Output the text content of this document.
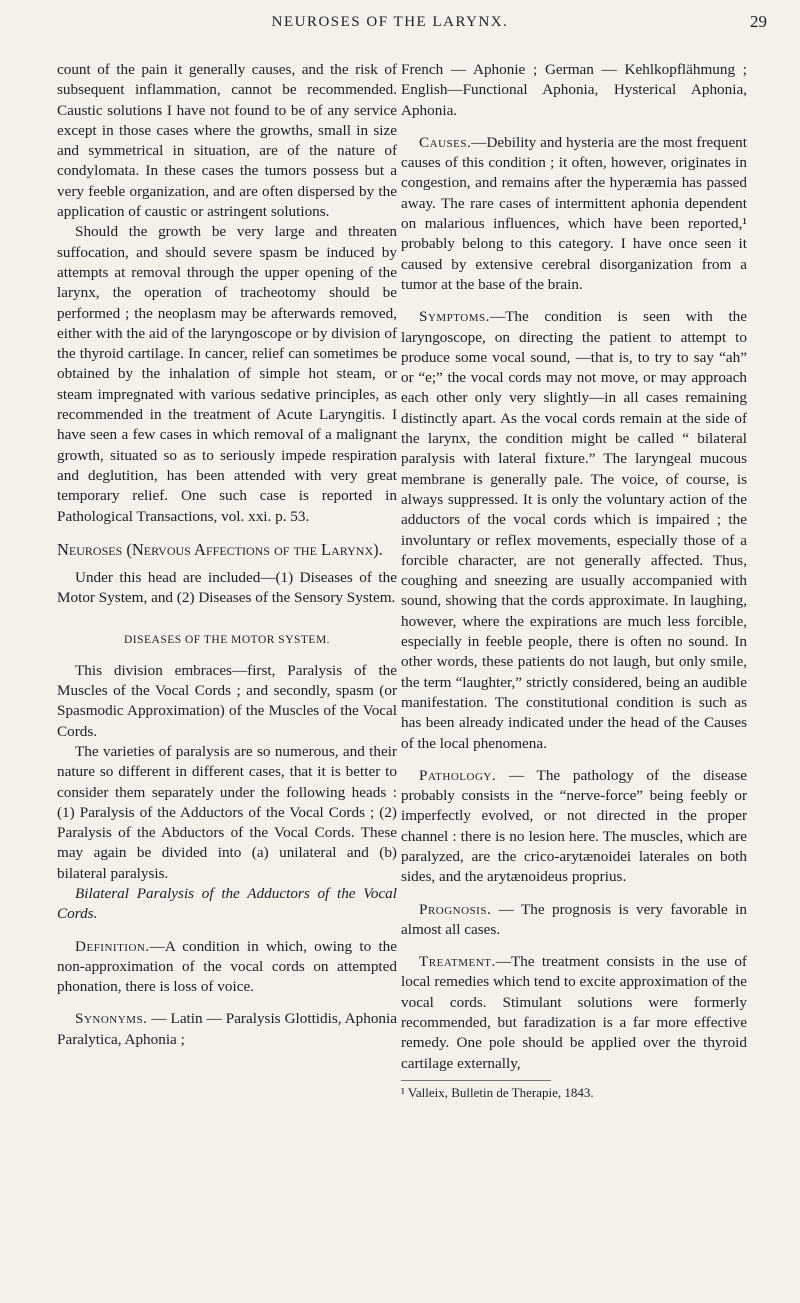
NEUROSES OF THE LARYNX.	29

count of the pain it generally causes, and the risk of subsequent inflammation, cannot be recommended. Caustic solutions I have not found to be of any service except in those cases where the growths, small in size and symmetrical in situation, are of the nature of condylomata. In these cases the tumors possess but a very feeble organization, and are often dispersed by the application of caustic or astringent solutions.

Should the growth be very large and threaten suffocation, and should severe spasm be induced by attempts at removal through the upper opening of the larynx, the operation of tracheotomy should be performed ; the neoplasm may be afterwards removed, either with the aid of the laryngoscope or by division of the thyroid cartilage. In cancer, relief can sometimes be obtained by the inhalation of simple hot steam, or steam impregnated with various sedative principles, as recommended in the treatment of Acute Laryngitis. I have seen a few cases in which removal of a malignant growth, situated so as to seriously impede respiration and deglutition, has been attended with very great temporary relief. One such case is reported in Pathological Transactions, vol. xxi. p. 53.

Neuroses (Nervous Affections of the Larynx).

Under this head are included—(1) Diseases of the Motor System, and (2) Diseases of the Sensory System.

DISEASES OF THE MOTOR SYSTEM.

This division embraces—first, Paralysis of the Muscles of the Vocal Cords ; and secondly, spasm (or Spasmodic Approximation) of the Muscles of the Vocal Cords.

The varieties of paralysis are so numerous, and their nature so different in different cases, that it is better to consider them separately under the following heads : (1) Paralysis of the Adductors of the Vocal Cords ; (2) Paralysis of the Abductors of the Vocal Cords. These may again be divided into (a) unilateral and (b) bilateral paralysis.

Bilateral Paralysis of the Adductors of the Vocal Cords.

Definition.—A condition in which, owing to the non-approximation of the vocal cords on attempted phonation, there is loss of voice.

Synonyms. — Latin — Paralysis Glottidis, Aphonia Paralytica, Aphonia ;

French — Aphonie ; German — Kehlkopflähmung ; English—Functional Aphonia, Hysterical Aphonia, Aphonia.

Causes.—Debility and hysteria are the most frequent causes of this condition ; it often, however, originates in congestion, and remains after the hyperæmia has passed away. The rare cases of intermittent aphonia dependent on malarious influences, which have been reported,¹ probably belong to this category. I have once seen it caused by extensive cerebral disorganization from a tumor at the base of the brain.

Symptoms.—The condition is seen with the laryngoscope, on directing the patient to attempt to produce some vocal sound, —that is, to try to say “ah” or “e;” the vocal cords may not move, or may approach each other only very slightly—in all cases remaining distinctly apart. As the vocal cords remain at the side of the larynx, the condition might be called “ bilateral paralysis with lateral fixture.” The laryngeal mucous membrane is generally pale. The voice, of course, is always suppressed. It is only the voluntary action of the adductors of the vocal cords which is impaired ; the involuntary or reflex movements, especially those of a forcible character, are not generally affected. Thus, coughing and sneezing are usually accompanied with sound, showing that the cords approximate. In laughing, however, where the expirations are much less forcible, especially in feeble people, there is often no sound. In other words, these patients do not laugh, but only smile, the term “laughter,” strictly considered, being an audible manifestation. The constitutional condition is such as has been already indicated under the head of the Causes of the local phenomena.

Pathology. — The pathology of the disease probably consists in the “nerve-force” being feebly or imperfectly evolved, or not directed in the proper channel : there is no lesion here. The muscles, which are paralyzed, are the crico-arytænoidei laterales on both sides, and the arytænoideus proprius.

Prognosis. — The prognosis is very favorable in almost all cases.

Treatment.—The treatment consists in the use of local remedies which tend to excite approximation of the vocal cords. Stimulant solutions were formerly recommended, but faradization is a far more effective remedy. One pole should be applied over the thyroid cartilage externally,

¹ Valleix, Bulletin de Therapie, 1843.
